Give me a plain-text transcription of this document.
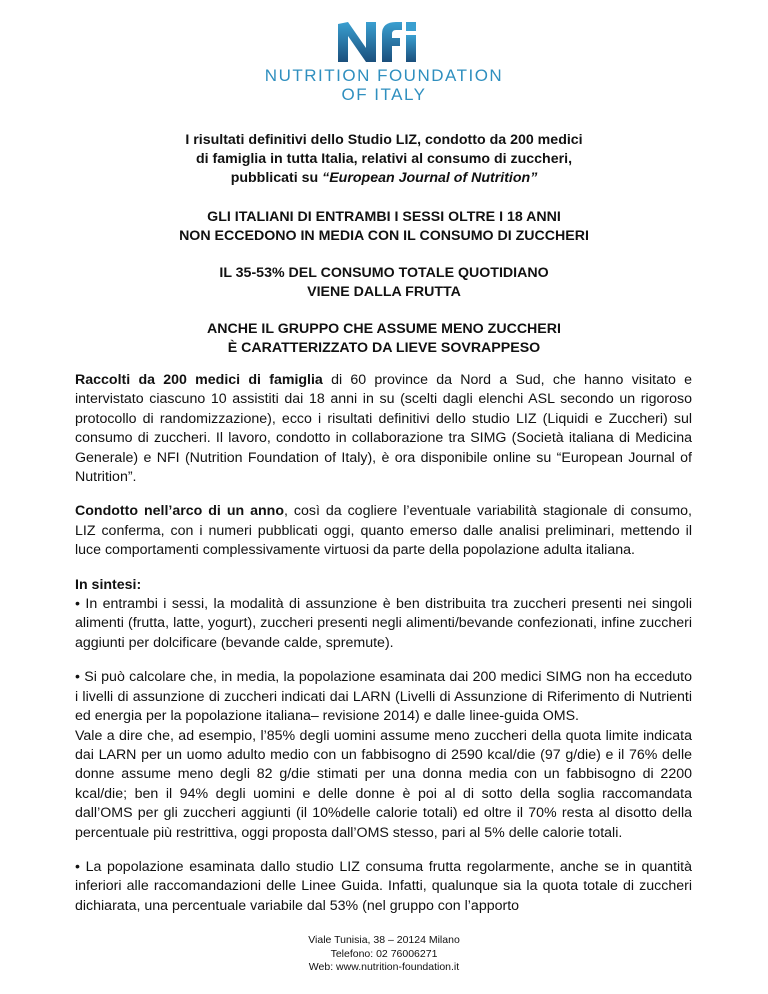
NUTRITION FOUNDATION
OF ITALY

I risultati definitivi dello Studio LIZ, condotto da 200 medici

di famiglia in tutta Italia, relativi al consumo di zuccheri,

pubblicati su “European Journal of Nutrition”

GLI ITALIANI DI ENTRAMBI I SESSI OLTRE I 18 ANNI

NON ECCEDONO IN MEDIA CON IL CONSUMO DI ZUCCHERI

IL 35-53% DEL CONSUMO TOTALE QUOTIDIANO

VIENE DALLA FRUTTA

ANCHE IL GRUPPO CHE ASSUME MENO ZUCCHERI

È CARATTERIZZATO DA LIEVE SOVRAPPESO

Raccolti da 200 medici di famiglia di 60 province da Nord a Sud, che hanno visitato e intervistato ciascuno 10 assistiti dai 18 anni in su (scelti dagli elenchi ASL secondo un rigoroso protocollo di randomizzazione), ecco i risultati definitivi dello studio LIZ (Liquidi e Zuccheri) sul consumo di zuccheri. Il lavoro, condotto in collaborazione tra SIMG (Società italiana di Medicina Generale) e NFI (Nutrition Foundation of Italy), è ora disponibile online su “European Journal of Nutrition”.

Condotto nell’arco di un anno, così da cogliere l’eventuale variabilità stagionale di consumo, LIZ conferma, con i numeri pubblicati oggi, quanto emerso dalle analisi preliminari, mettendo il luce comportamenti complessivamente virtuosi da parte della popolazione adulta italiana.

In sintesi:

• In entrambi i sessi, la modalità di assunzione è ben distribuita tra zuccheri presenti nei singoli alimenti (frutta, latte, yogurt), zuccheri presenti negli alimenti/bevande confezionati, infine zuccheri aggiunti per dolcificare (bevande calde, spremute).

• Si può calcolare che, in media, la popolazione esaminata dai 200 medici SIMG non ha ecceduto i livelli di assunzione di zuccheri indicati dai LARN (Livelli di Assunzione di Riferimento di Nutrienti ed energia per la popolazione italiana– revisione 2014) e dalle linee-guida OMS.

Vale a dire che, ad esempio, l’85% degli uomini assume meno zuccheri della quota limite indicata dai LARN per un uomo adulto medio con un fabbisogno di 2590 kcal/die (97 g/die) e il 76% delle donne assume meno degli 82 g/die stimati per una donna media con un fabbisogno di 2200 kcal/die; ben il 94% degli uomini e delle donne è poi al di sotto della soglia raccomandata dall’OMS per gli zuccheri aggiunti (il 10%delle calorie totali) ed oltre il 70% resta al disotto della percentuale più restrittiva, oggi proposta dall’OMS stesso, pari al 5% delle calorie totali.

• La popolazione esaminata dallo studio LIZ consuma frutta regolarmente, anche se in quantità inferiori alle raccomandazioni delle Linee Guida. Infatti, qualunque sia la quota totale di zuccheri dichiarata, una percentuale variabile dal 53% (nel gruppo con l’apporto

Viale Tunisia, 38 – 20124 Milano
Telefono: 02 76006271
Web: www.nutrition-foundation.it
